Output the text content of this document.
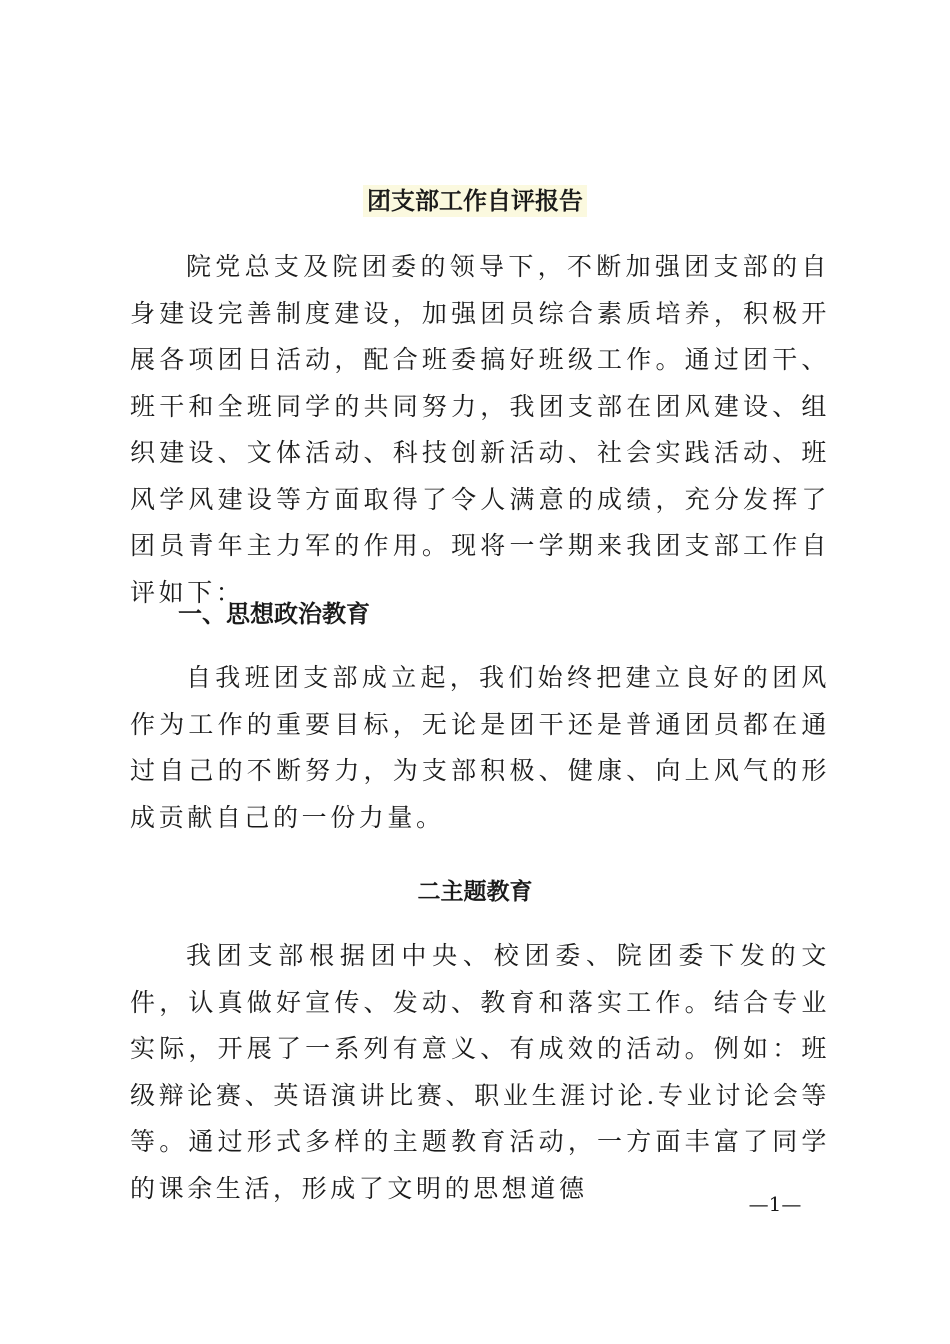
团支部工作自评报告

院党总支及院团委的领导下，不断加强团支部的自身建设完善制度建设，加强团员综合素质培养，积极开展各项团日活动，配合班委搞好班级工作。通过团干、班干和全班同学的共同努力，我团支部在团风建设、组织建设、文体活动、科技创新活动、社会实践活动、班风学风建设等方面取得了令人满意的成绩，充分发挥了团员青年主力军的作用。现将一学期来我团支部工作自评如下：

一、思想政治教育

自我班团支部成立起，我们始终把建立良好的团风作为工作的重要目标，无论是团干还是普通团员都在通过自己的不断努力，为支部积极、健康、向上风气的形成贡献自己的一份力量。

二主题教育

我团支部根据团中央、校团委、院团委下发的文件，认真做好宣传、发动、教育和落实工作。结合专业实际，开展了一系列有意义、有成效的活动。例如：班级辩论赛、英语演讲比赛、职业生涯讨论.专业讨论会等等。通过形式多样的主题教育活动，一方面丰富了同学的课余生活，形成了文明的思想道德

—1—
